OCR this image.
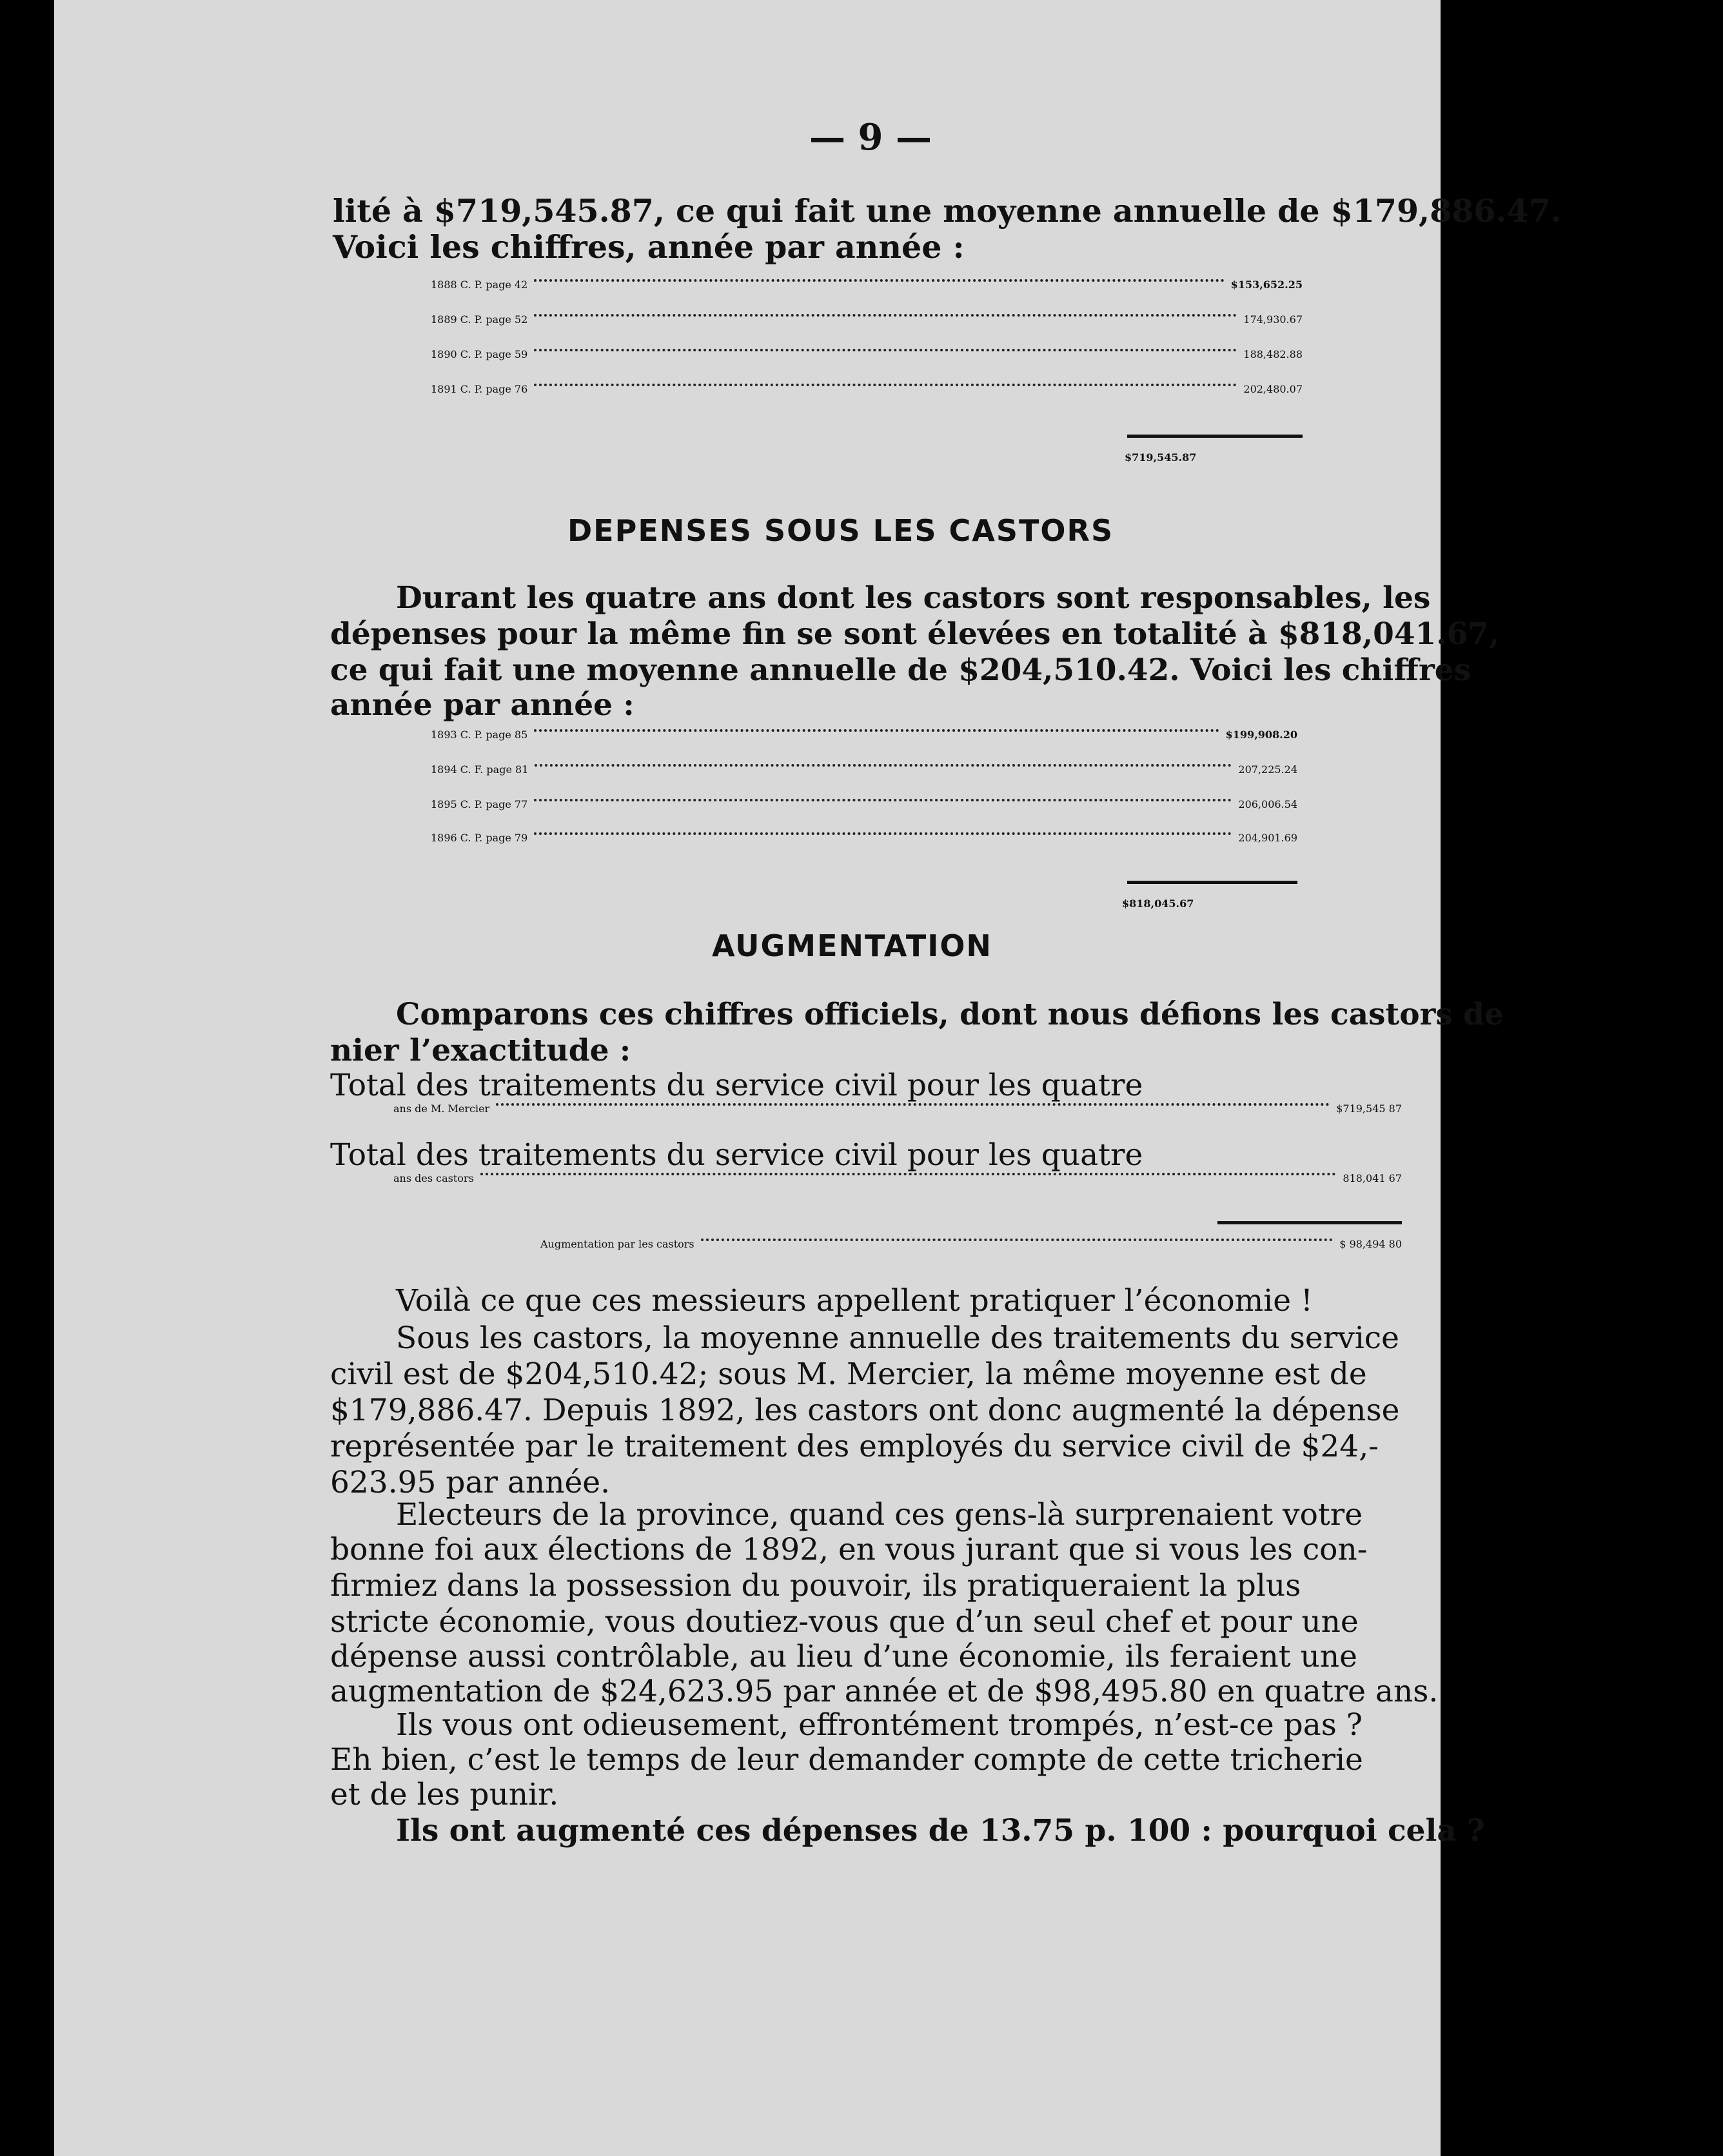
— 9 —
lité à $719,545.87, ce qui fait une moyenne annuelle de $179,886.47.
Voici les chiffres, année par année :
1888 C. P. page 42	$153,652.25
1889 C. P. page 52	174,930.67
1890 C. P. page 59	188,482.88
1891 C. P. page 76	202,480.07
$719,545.87
DEPENSES SOUS LES CASTORS
Durant les quatre ans dont les castors sont responsables, les
dépenses pour la même fin se sont élevées en totalité à $818,041.67,
ce qui fait une moyenne annuelle de $204,510.42. Voici les chiffres
année par année :
1893 C. P. page 85	$199,908.20
1894 C. F. page 81	207,225.24
1895 C. P. page 77	206,006.54
1896 C. P. page 79	204,901.69
$818,045.67
AUGMENTATION
Comparons ces chiffres officiels, dont nous défions les castors de
nier l’exactitude :
Total des traitements du service civil pour les quatre
ans de M. Mercier	$719,545 87
Total des traitements du service civil pour les quatre
ans des castors	818,041 67
Augmentation par les castors	$ 98,494 80
Voilà ce que ces messieurs appellent pratiquer l’économie !
Sous les castors, la moyenne annuelle des traitements du service
civil est de $204,510.42; sous M. Mercier, la même moyenne est de
$179,886.47. Depuis 1892, les castors ont donc augmenté la dépense
représentée par le traitement des employés du service civil de $24,-
623.95 par année.
Electeurs de la province, quand ces gens-là surprenaient votre
bonne foi aux élections de 1892, en vous jurant que si vous les con-
firmiez dans la possession du pouvoir, ils pratiqueraient la plus
stricte économie, vous doutiez-vous que d’un seul chef et pour une
dépense aussi contrôlable, au lieu d’une économie, ils feraient une
augmentation de $24,623.95 par année et de $98,495.80 en quatre ans.
Ils vous ont odieusement, effrontément trompés, n’est-ce pas ?
Eh bien, c’est le temps de leur demander compte de cette tricherie
et de les punir.
Ils ont augmenté ces dépenses de 13.75 p. 100 : pourquoi cela ?
